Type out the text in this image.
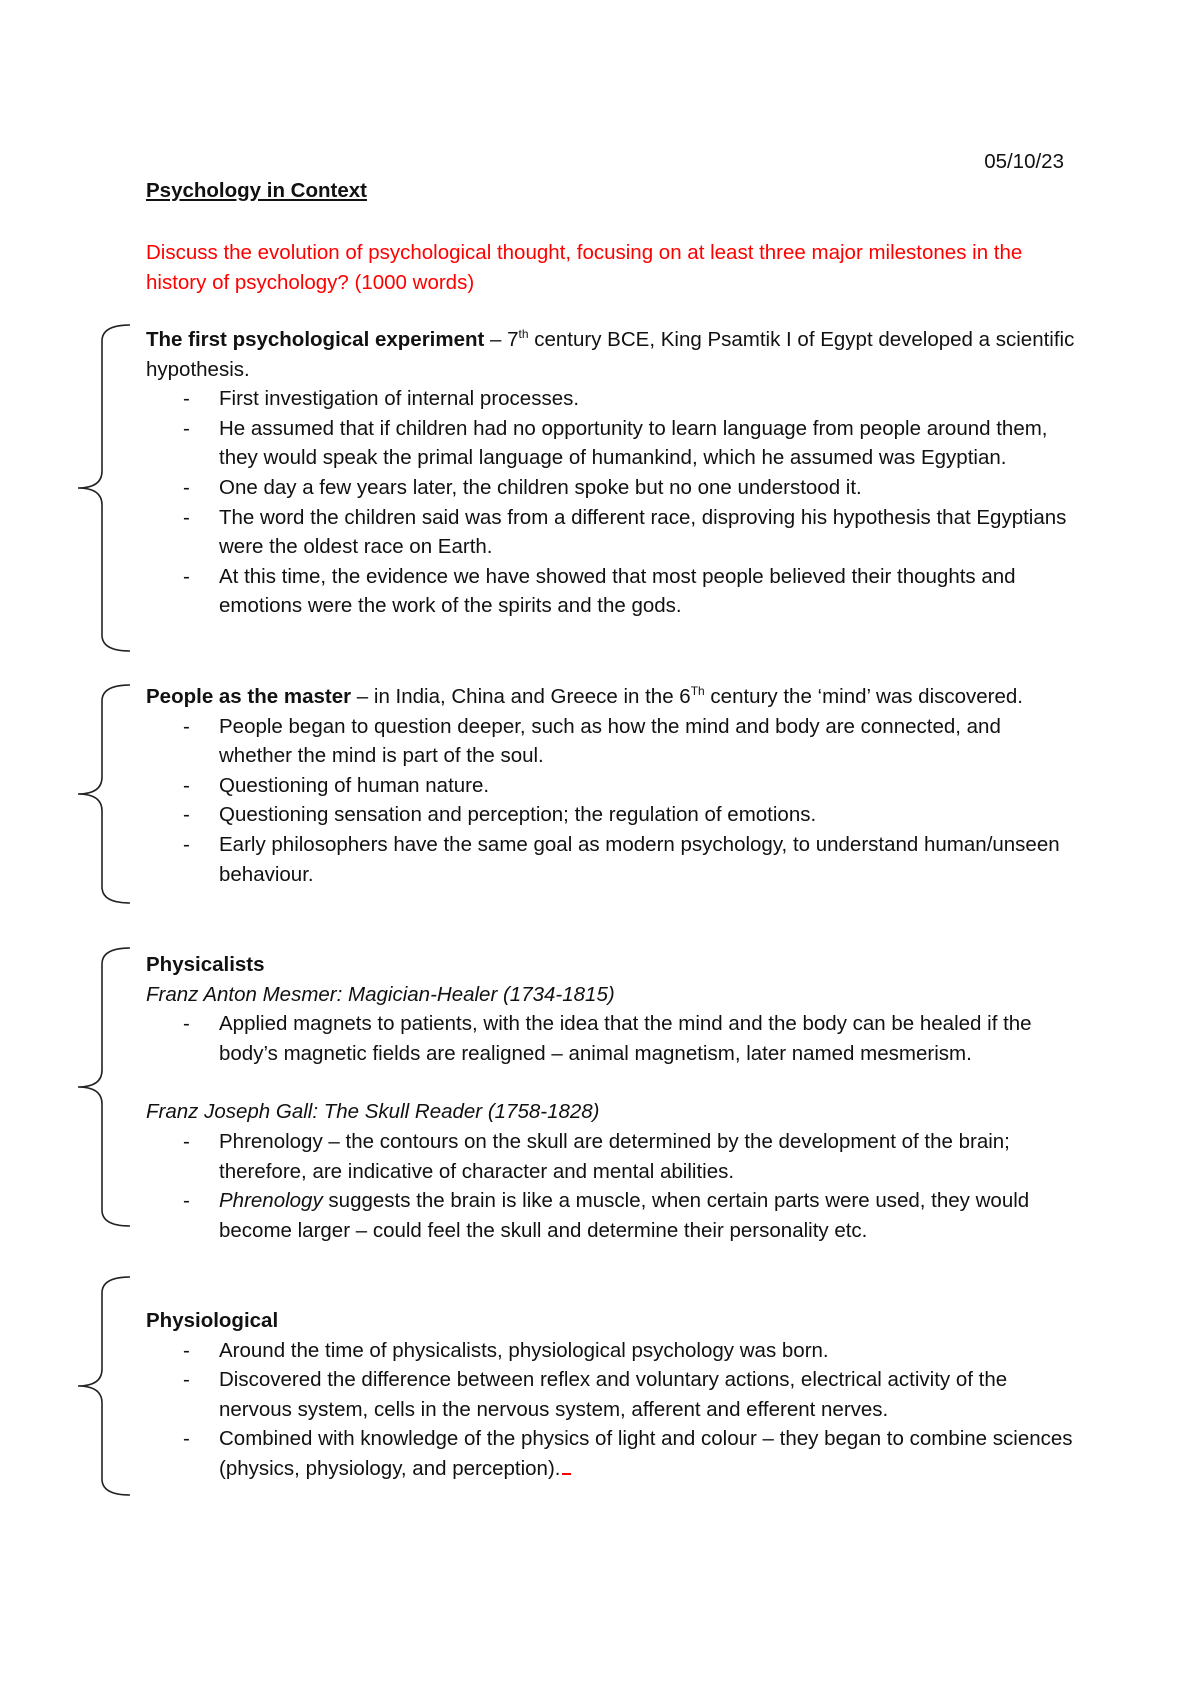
05/10/23
Psychology in Context
Discuss the evolution of psychological thought, focusing on at least three major milestones in the history of psychology? (1000 words)
The first psychological experiment – 7th century BCE, King Psamtik I of Egypt developed a scientific hypothesis.
- First investigation of internal processes.
- He assumed that if children had no opportunity to learn language from people around them, they would speak the primal language of humankind, which he assumed was Egyptian.
- One day a few years later, the children spoke but no one understood it.
- The word the children said was from a different race, disproving his hypothesis that Egyptians were the oldest race on Earth.
- At this time, the evidence we have showed that most people believed their thoughts and emotions were the work of the spirits and the gods.
People as the master – in India, China and Greece in the 6Th century the ‘mind’ was discovered.
- People began to question deeper, such as how the mind and body are connected, and whether the mind is part of the soul.
- Questioning of human nature.
- Questioning sensation and perception; the regulation of emotions.
- Early philosophers have the same goal as modern psychology, to understand human/unseen behaviour.
Physicalists
Franz Anton Mesmer: Magician-Healer (1734-1815)
- Applied magnets to patients, with the idea that the mind and the body can be healed if the body’s magnetic fields are realigned – animal magnetism, later named mesmerism.
Franz Joseph Gall: The Skull Reader (1758-1828)
- Phrenology – the contours on the skull are determined by the development of the brain; therefore, are indicative of character and mental abilities.
- Phrenology suggests the brain is like a muscle, when certain parts were used, they would become larger – could feel the skull and determine their personality etc.
Physiological
- Around the time of physicalists, physiological psychology was born.
- Discovered the difference between reflex and voluntary actions, electrical activity of the nervous system, cells in the nervous system, afferent and efferent nerves.
- Combined with knowledge of the physics of light and colour – they began to combine sciences (physics, physiology, and perception).
